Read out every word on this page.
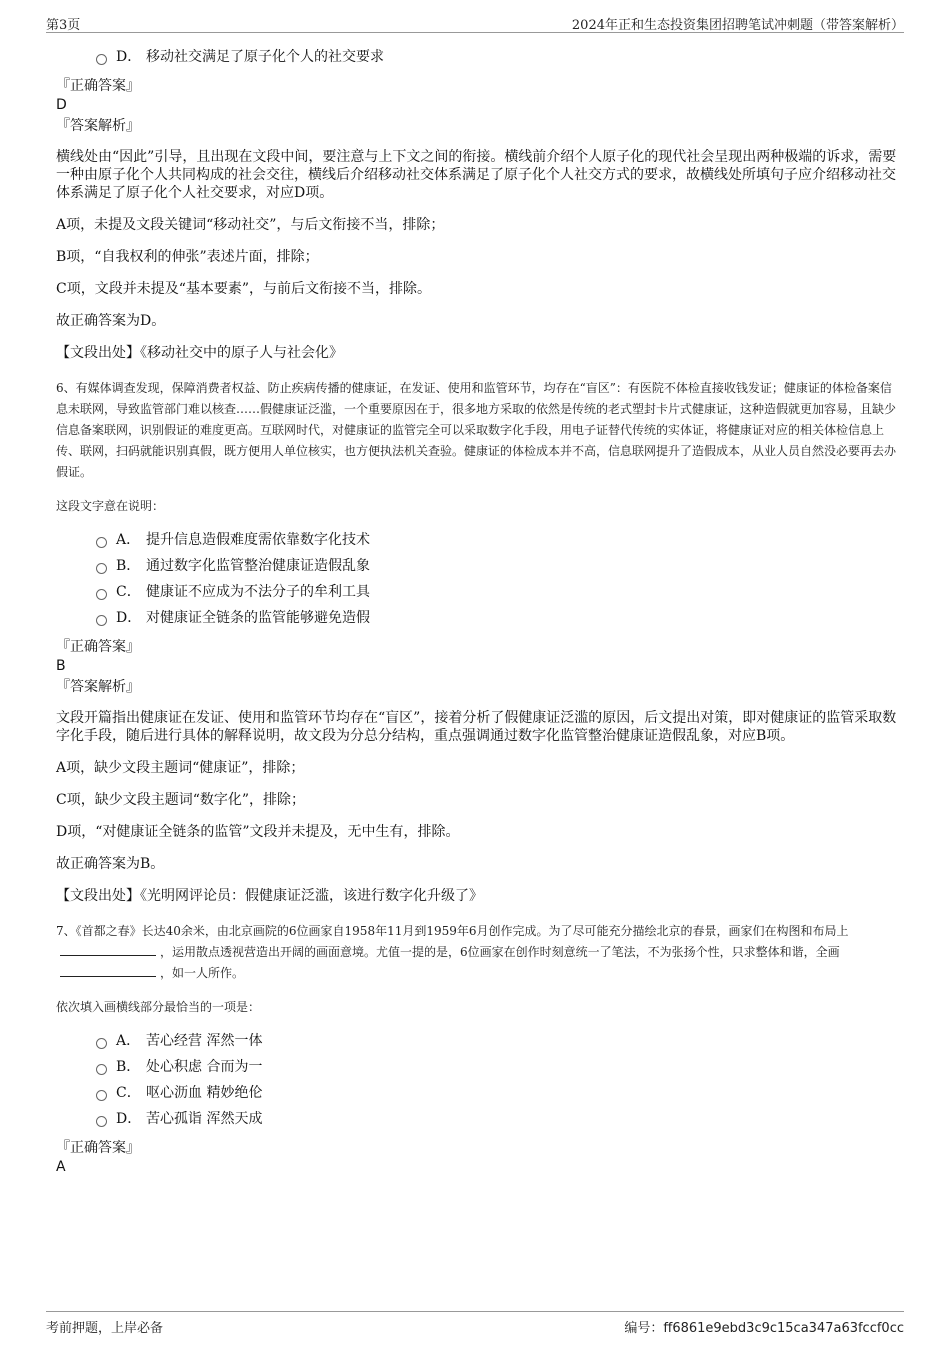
第3页	2024年正和生态投资集团招聘笔试冲刺题（带答案解析）
D． 移动社交满足了原子化个人的社交要求
『正确答案』
D
『答案解析』
横线处由“因此”引导，且出现在文段中间，要注意与上下文之间的衔接。横线前介绍个人原子化的现代社会呈现出两种极端的诉求，需要一种由原子化个人共同构成的社会交往，横线后介绍移动社交体系满足了原子化个人社交方式的要求，故横线处所填句子应介绍移动社交体系满足了原子化个人社交要求，对应D项。
A项，未提及文段关键词“移动社交”，与后文衔接不当，排除；
B项，“自我权利的伸张”表述片面，排除；
C项，文段并未提及“基本要素”，与前后文衔接不当，排除。
故正确答案为D。
【文段出处】《移动社交中的原子人与社会化》
6、有媒体调查发现，保障消费者权益、防止疾病传播的健康证，在发证、使用和监管环节，均存在“盲区”：有医院不体检直接收钱发证；健康证的体检备案信息未联网，导致监管部门难以核查……假健康证泛滥，一个重要原因在于，很多地方采取的依然是传统的老式塑封卡片式健康证，这种造假就更加容易，且缺少信息备案联网，识别假证的难度更高。互联网时代，对健康证的监管完全可以采取数字化手段，用电子证替代传统的实体证，将健康证对应的相关体检信息上传、联网，扫码就能识别真假，既方便用人单位核实，也方便执法机关查验。健康证的体检成本并不高，信息联网提升了造假成本，从业人员自然没必要再去办假证。
这段文字意在说明：
A． 提升信息造假难度需依靠数字化技术
B． 通过数字化监管整治健康证造假乱象
C． 健康证不应成为不法分子的牟利工具
D． 对健康证全链条的监管能够避免造假
『正确答案』
B
『答案解析』
文段开篇指出健康证在发证、使用和监管环节均存在“盲区”，接着分析了假健康证泛滥的原因，后文提出对策，即对健康证的监管采取数字化手段，随后进行具体的解释说明，故文段为分总分结构，重点强调通过数字化监管整治健康证造假乱象，对应B项。
A项，缺少文段主题词“健康证”，排除；
C项，缺少文段主题词“数字化”，排除；
D项，“对健康证全链条的监管”文段并未提及，无中生有，排除。
故正确答案为B。
【文段出处】《光明网评论员：假健康证泛滥，该进行数字化升级了》
7、《首都之春》长达40余米，由北京画院的6位画家自1958年11月到1959年6月创作完成。为了尽可能充分描绘北京的春景，画家们在构图和布局上，运用散点透视营造出开阔的画面意境。尤值一提的是，6位画家在创作时刻意统一了笔法，不为张扬个性，只求整体和谐，全画，如一人所作。
依次填入画横线部分最恰当的一项是：
A． 苦心经营 浑然一体
B． 处心积虑 合而为一
C． 呕心沥血 精妙绝伦
D． 苦心孤诣 浑然天成
『正确答案』
A
考前押题，上岸必备	编号：ff6861e9ebd3c9c15ca347a63fccf0cc
